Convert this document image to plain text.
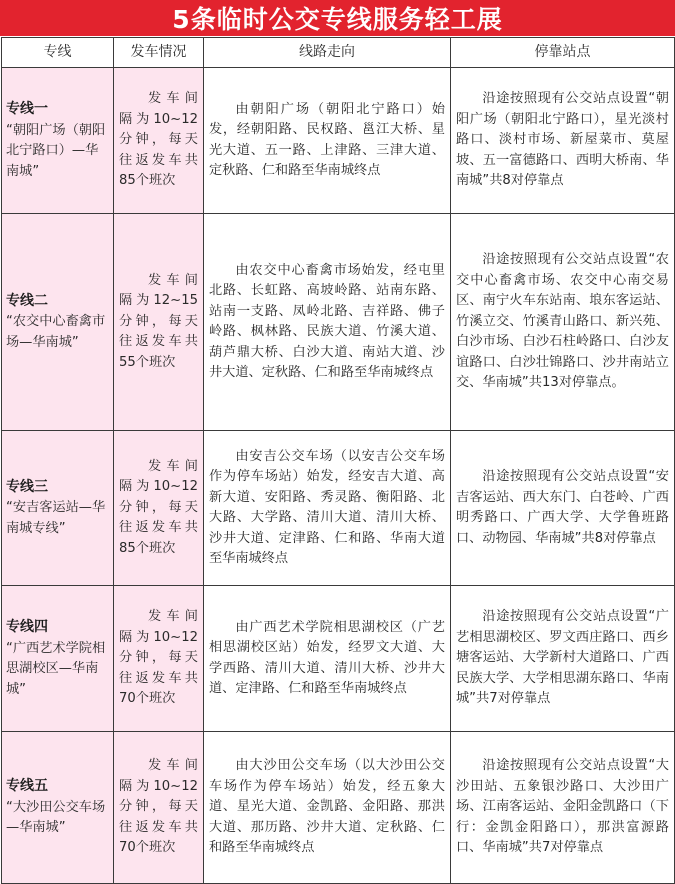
5条临时公交专线服务轻工展
专线	发车情况	线路走向	停靠站点
专线一
“朝阳广场（朝阳北宁路口）—华南城”	发车间隔为10~12分钟，每天往返发车共85个班次	由朝阳广场（朝阳北宁路口）始发，经朝阳路、民权路、邕江大桥、星光大道、五一路、上津路、三津大道、定秋路、仁和路至华南城终点	沿途按照现有公交站点设置“朝阳广场（朝阳北宁路口），星光淡村路口、淡村市场、新屋菜市、莫屋坡、五一富德路口、西明大桥南、华南城”共8对停靠点

专线二
“农交中心畜禽市场—华南城”	发车间隔为12~15分钟，每天往返发车共55个班次	由农交中心畜禽市场始发，经屯里北路、长虹路、高坡岭路、站南东路、站南一支路、凤岭北路、吉祥路、佛子岭路、枫林路、民族大道、竹溪大道、葫芦鼎大桥、白沙大道、南站大道、沙井大道、定秋路、仁和路至华南城终点	沿途按照现有公交站点设置“农交中心畜禽市场、农交中心南交易区、南宁火车东站南、埌东客运站、竹溪立交、竹溪青山路口、新兴苑、白沙市场、白沙石柱岭路口、白沙友谊路口、白沙壮锦路口、沙井南站立交、华南城”共13对停靠点。

专线三
“安吉客运站—华南城专线”	发车间隔为10~12分钟，每天往返发车共85个班次	由安吉公交车场（以安吉公交车场作为停车场站）始发，经安吉大道、高新大道、安阳路、秀灵路、衡阳路、北大路、大学路、清川大道、清川大桥、沙井大道、定津路、仁和路、华南大道至华南城终点	沿途按照现有公交站点设置“安吉客运站、西大东门、白苍岭、广西明秀路口、广西大学、大学鲁班路口、动物园、华南城”共8对停靠点

专线四
“广西艺术学院相思湖校区—华南城”	发车间隔为10~12分钟，每天往返发车共70个班次	由广西艺术学院相思湖校区（广艺相思湖校区站）始发，经罗文大道、大学西路、清川大道、清川大桥、沙井大道、定津路、仁和路至华南城终点	沿途按照现有公交站点设置“广艺相思湖校区、罗文西庄路口、西乡塘客运站、大学新村大道路口、广西民族大学、大学相思湖东路口、华南城”共7对停靠点

专线五
“大沙田公交车场—华南城”	发车间隔为10~12分钟，每天往返发车共70个班次	由大沙田公交车场（以大沙田公交车场作为停车场站）始发，经五象大道、星光大道、金凯路、金阳路、那洪大道、那历路、沙井大道、定秋路、仁和路至华南城终点	沿途按照现有公交站点设置“大沙田站、五象银沙路口、大沙田广场、江南客运站、金阳金凯路口（下行：金凯金阳路口），那洪富源路口、华南城”共7对停靠点
